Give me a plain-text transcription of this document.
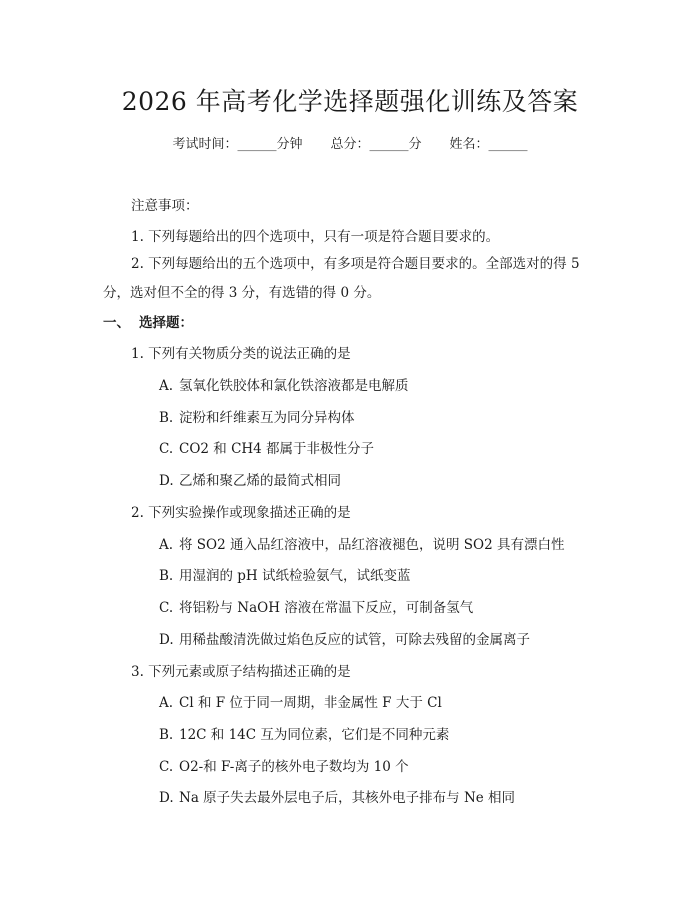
2026 年高考化学选择题强化训练及答案
考试时间：______分钟 总分：______分 姓名：______
注意事项：
1. 下列每题给出的四个选项中，只有一项是符合题目要求的。
2. 下列每题给出的五个选项中，有多项是符合题目要求的。全部选对的得 5 分，选对但不全的得 3 分，有选错的得 0 分。
一、 选择题：
1. 下列有关物质分类的说法正确的是
A. 氢氧化铁胶体和氯化铁溶液都是电解质
B. 淀粉和纤维素互为同分异构体
C. CO2 和 CH4 都属于非极性分子
D. 乙烯和聚乙烯的最简式相同
2. 下列实验操作或现象描述正确的是
A. 将 SO2 通入品红溶液中，品红溶液褪色，说明 SO2 具有漂白性
B. 用湿润的 pH 试纸检验氨气，试纸变蓝
C. 将铝粉与 NaOH 溶液在常温下反应，可制备氢气
D. 用稀盐酸清洗做过焰色反应的试管，可除去残留的金属离子
3. 下列元素或原子结构描述正确的是
A. Cl 和 F 位于同一周期，非金属性 F 大于 Cl
B. 12C 和 14C 互为同位素，它们是不同种元素
C. O2-和 F-离子的核外电子数均为 10 个
D. Na 原子失去最外层电子后，其核外电子排布与 Ne 相同
